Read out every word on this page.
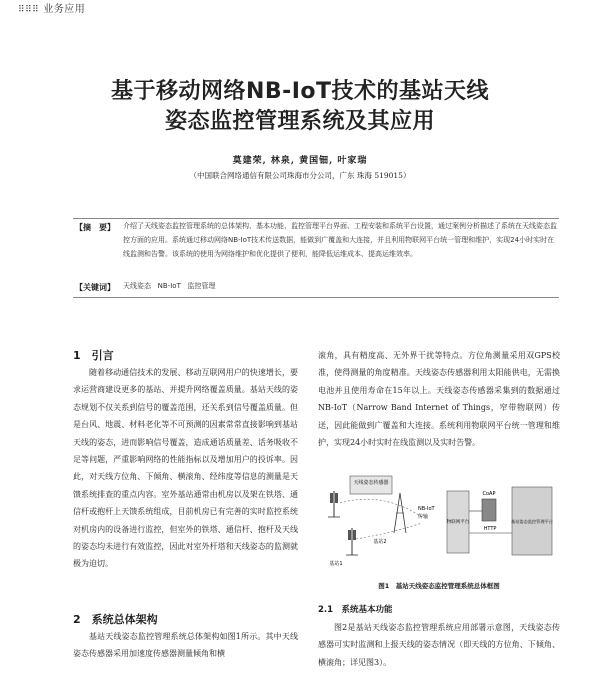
⠿⠿⠿ 业务应用
基于移动网络NB-IoT技术的基站天线
姿态监控管理系统及其应用
莫建荣, 林泉, 黄国钿, 叶家瑞
（中国联合网络通信有限公司珠海市分公司，广东 珠海 519015）
【摘　要】 介绍了天线姿态监控管理系统的总体架构、基本功能、监控管理平台界面、工程安装和系统平台设置，通过案例分析描述了系统在天线姿态监控方面的应用。系统通过移动网络NB-IoT技术传送数据，能做到广覆盖和大连接，并且利用物联网平台统一管理和维护，实现24小时实时在线监测和告警。该系统的使用为网络维护和优化提供了便利，能降低运维成本、提高运维效率。
【关键词】 天线姿态   NB-IoT   监控管理
1　引言
随着移动通信技术的发展、移动互联网用户的快速增长，要求运营商建设更多的基站、并提升网络覆盖质量。基站天线的姿态规划不仅关系到信号的覆盖范围，还关系到信号覆盖质量。但是台风、地震、材料老化等不可预测的因素常常直接影响到基站天线的姿态，进而影响信号覆盖，造成通话质量差、话务吸收不足等问题，严重影响网络的性能指标以及增加用户的投诉率。因此，对天线方位角、下倾角、横滚角、经纬度等信息的测量是天馈系统排查的重点内容。室外基站通常由机房以及架在铁塔、通信杆或抱杆上天馈系统组成，目前机房已有完善的实时监控系统对机房内的设备进行监控，但室外的铁塔、通信杆、抱杆及天线的姿态均未进行有效监控，因此对室外杆塔和天线姿态的监测就极为迫切。
2　系统总体架构
基站天线姿态监控管理系统总体架构如图1所示。其中天线姿态传感器采用加速度传感器测量倾角和横
滚角，具有精度高、无外界干扰等特点。方位角测量采用双GPS校准，使得测量的角度精准。天线姿态传感器利用太阳能供电，无需换电池并且使用寿命在15年以上。天线姿态传感器采集到的数据通过NB-IoT（Narrow Band Internet of Things，窄带物联网）传送，因此能做到广覆盖和大连接。系统利用物联网平台统一管理和维护，实现24小时实时在线监测以及实时告警。
天线姿态传感器
基站1
基站2
NB-IoT
传输
物联网平台
CoAP
HTTP
基站姿态监控管理平台
图1　基站天线姿态监控管理系统总体框图
2.1　系统基本功能
图2是基站天线姿态监控管理系统应用部署示意图，天线姿态传感器可实时监测和上报天线的姿态情况（即天线的方位角、下倾角、横滚角；详见图3）。
